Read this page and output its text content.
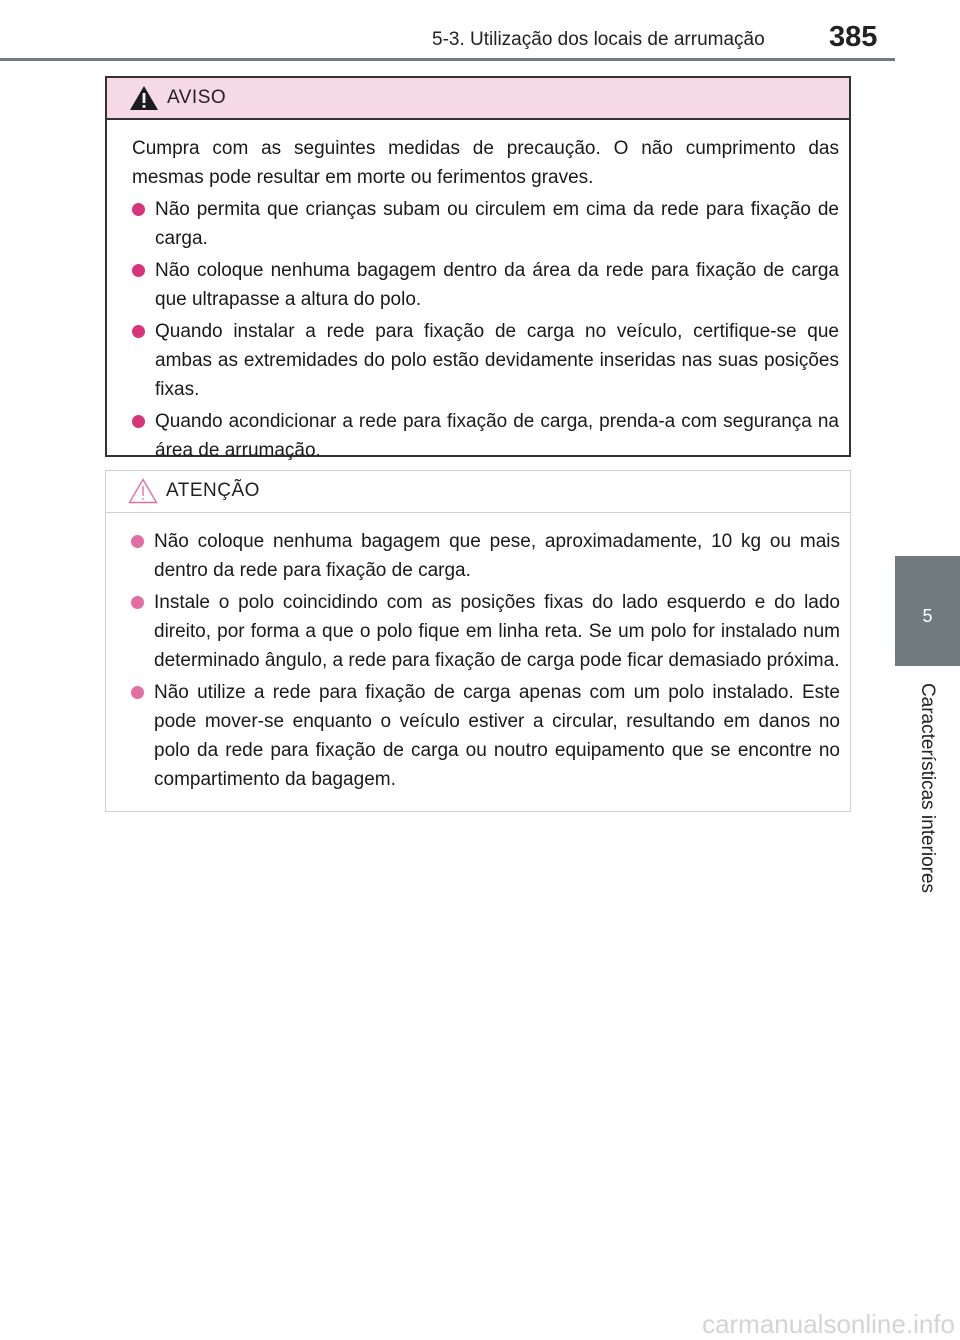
5-3. Utilização dos locais de arrumação 385
5
Características interiores
AVISO

Cumpra com as seguintes medidas de precaução. O não cumprimento das mesmas pode resultar em morte ou ferimentos graves.

Não permita que crianças subam ou circulem em cima da rede para fixação de carga.
Não coloque nenhuma bagagem dentro da área da rede para fixação de carga que ultrapasse a altura do polo.
Quando instalar a rede para fixação de carga no veículo, certifique-se que ambas as extremidades do polo estão devidamente inseridas nas suas posições fixas.
Quando acondicionar a rede para fixação de carga, prenda-a com segurança na área de arrumação.
ATENÇÃO
Não coloque nenhuma bagagem que pese, aproximadamente, 10 kg ou mais dentro da rede para fixação de carga.
Instale o polo coincidindo com as posições fixas do lado esquerdo e do lado direito, por forma a que o polo fique em linha reta. Se um polo for instalado num determinado ângulo, a rede para fixação de carga pode ficar demasiado próxima.
Não utilize a rede para fixação de carga apenas com um polo instalado. Este pode mover-se enquanto o veículo estiver a circular, resultando em danos no polo da rede para fixação de carga ou noutro equipamento que se encontre no compartimento da bagagem.
carmanualsonline.info
